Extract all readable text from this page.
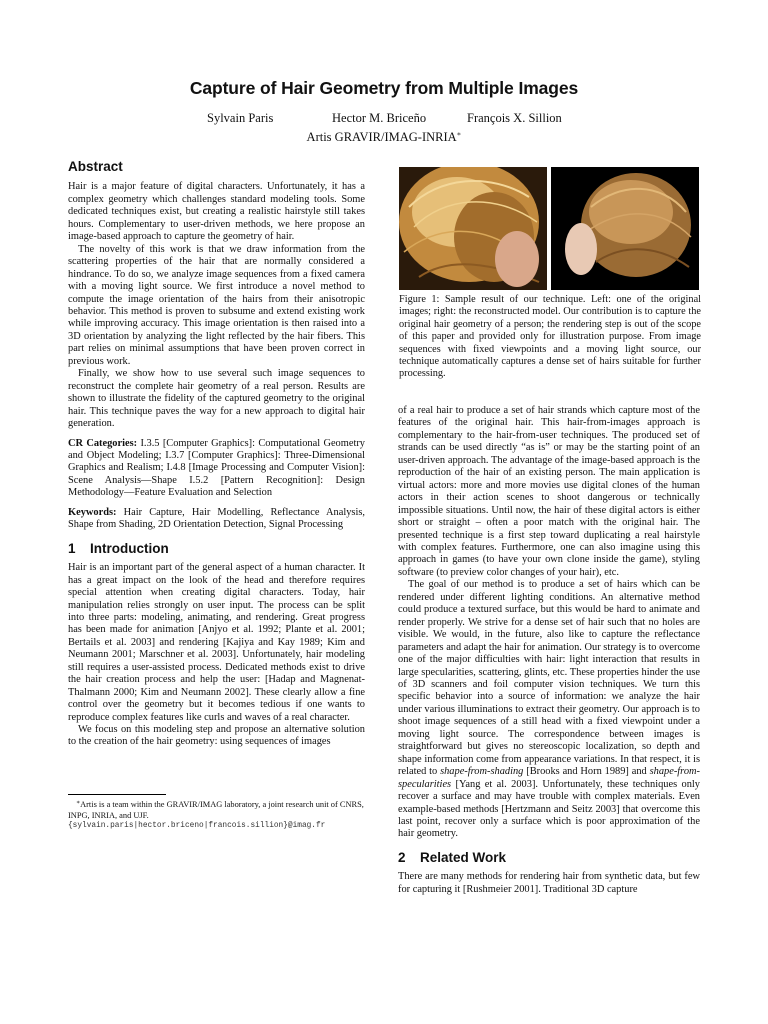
Capture of Hair Geometry from Multiple Images
Sylvain Paris	Hector M. Briceño	François X. Sillion
Artis GRAVIR/IMAG-INRIA∗
Abstract

Hair is a major feature of digital characters. Unfortunately, it has a complex geometry which challenges standard modeling tools. Some dedicated techniques exist, but creating a realistic hairstyle still takes hours. Complementary to user-driven methods, we here propose an image-based approach to capture the geometry of hair.

The novelty of this work is that we draw information from the scattering properties of the hair that are normally considered a hindrance. To do so, we analyze image sequences from a fixed camera with a moving light source. We first introduce a novel method to compute the image orientation of the hairs from their anisotropic behavior. This method is proven to subsume and extend existing work while improving accuracy. This image orientation is then raised into a 3D orientation by analyzing the light reflected by the hair fibers. This part relies on minimal assumptions that have been proven correct in previous work.

Finally, we show how to use several such image sequences to reconstruct the complete hair geometry of a real person. Results are shown to illustrate the fidelity of the captured geometry to the original hair. This technique paves the way for a new approach to digital hair generation.

CR Categories: I.3.5 [Computer Graphics]: Computational Geometry and Object Modeling; I.3.7 [Computer Graphics]: Three-Dimensional Graphics and Realism; I.4.8 [Image Processing and Computer Vision]: Scene Analysis—Shape I.5.2 [Pattern Recognition]: Design Methodology—Feature Evaluation and Selection

Keywords: Hair Capture, Hair Modelling, Reflectance Analysis, Shape from Shading, 2D Orientation Detection, Signal Processing

1 Introduction

Hair is an important part of the general aspect of a human character. It has a great impact on the look of the head and therefore requires special attention when creating digital characters. Today, hair manipulation relies strongly on user input. The process can be split into three parts: modeling, animating, and rendering. Great progress has been made for animation [Anjyo et al. 1992; Plante et al. 2001; Bertails et al. 2003] and rendering [Kajiya and Kay 1989; Kim and Neumann 2001; Marschner et al. 2003]. Unfortunately, hair modeling still requires a user-assisted process. Dedicated methods exist to drive the hair creation process and help the user: [Hadap and Magnenat-Thalmann 2000; Kim and Neumann 2002]. These clearly allow a fine control over the geometry but it becomes tedious if one wants to reproduce complex features like curls and waves of a real character.

We focus on this modeling step and propose an alternative solution to the creation of the hair geometry: using sequences of images

∗Artis is a team within the GRAVIR/IMAG laboratory, a joint research unit of CNRS, INPG, INRIA, and UJF.

{sylvain.paris|hector.briceno|francois.sillion}@imag.fr

Figure 1: Sample result of our technique. Left: one of the original images; right: the reconstructed model. Our contribution is to capture the original hair geometry of a person; the rendering step is out of the scope of this paper and provided only for illustration purpose. From image sequences with fixed viewpoints and a moving light source, our technique automatically captures a dense set of hairs suitable for further processing.

of a real hair to produce a set of hair strands which capture most of the features of the original hair. This hair-from-images approach is complementary to the hair-from-user techniques. The produced set of strands can be used directly “as is” or may be the starting point of an user-driven approach. The advantage of the image-based approach is the reproduction of the hair of an existing person. The main application is virtual actors: more and more movies use digital clones of the human actors in their action scenes to shoot dangerous or technically impossible situations. Until now, the hair of these digital actors is either short or straight – often a poor match with the original hair. The presented technique is a first step toward duplicating a real hairstyle with complex features. Furthermore, one can also imagine using this approach in games (to have your own clone inside the game), styling software (to preview color changes of your hair), etc.

The goal of our method is to produce a set of hairs which can be rendered under different lighting conditions. An alternative method could produce a textured surface, but this would be hard to animate and render properly. We strive for a dense set of hair such that no holes are visible. We would, in the future, also like to capture the reflectance parameters and adapt the hair for animation. Our strategy is to overcome one of the major difficulties with hair: light interaction that results in large specularities, scattering, glints, etc. These properties hinder the use of 3D scanners and foil computer vision techniques. We turn this specific behavior into a source of information: we analyze the hair under various illuminations to extract their geometry. Our approach is to shoot image sequences of a still head with a fixed viewpoint under a moving light source. The correspondence between images is straightforward but gives no stereoscopic localization, so depth and shape information come from appearance variations. In that respect, it is related to shape-from-shading [Brooks and Horn 1989] and shape-from-specularities [Yang et al. 2003]. Unfortunately, these techniques only recover a surface and may have trouble with complex materials. Even example-based methods [Hertzmann and Seitz 2003] that overcome this last point, recover only a surface which is poor approximation of the hair geometry.

2 Related Work

There are many methods for rendering hair from synthetic data, but few for capturing it [Rushmeier 2001]. Traditional 3D capture
